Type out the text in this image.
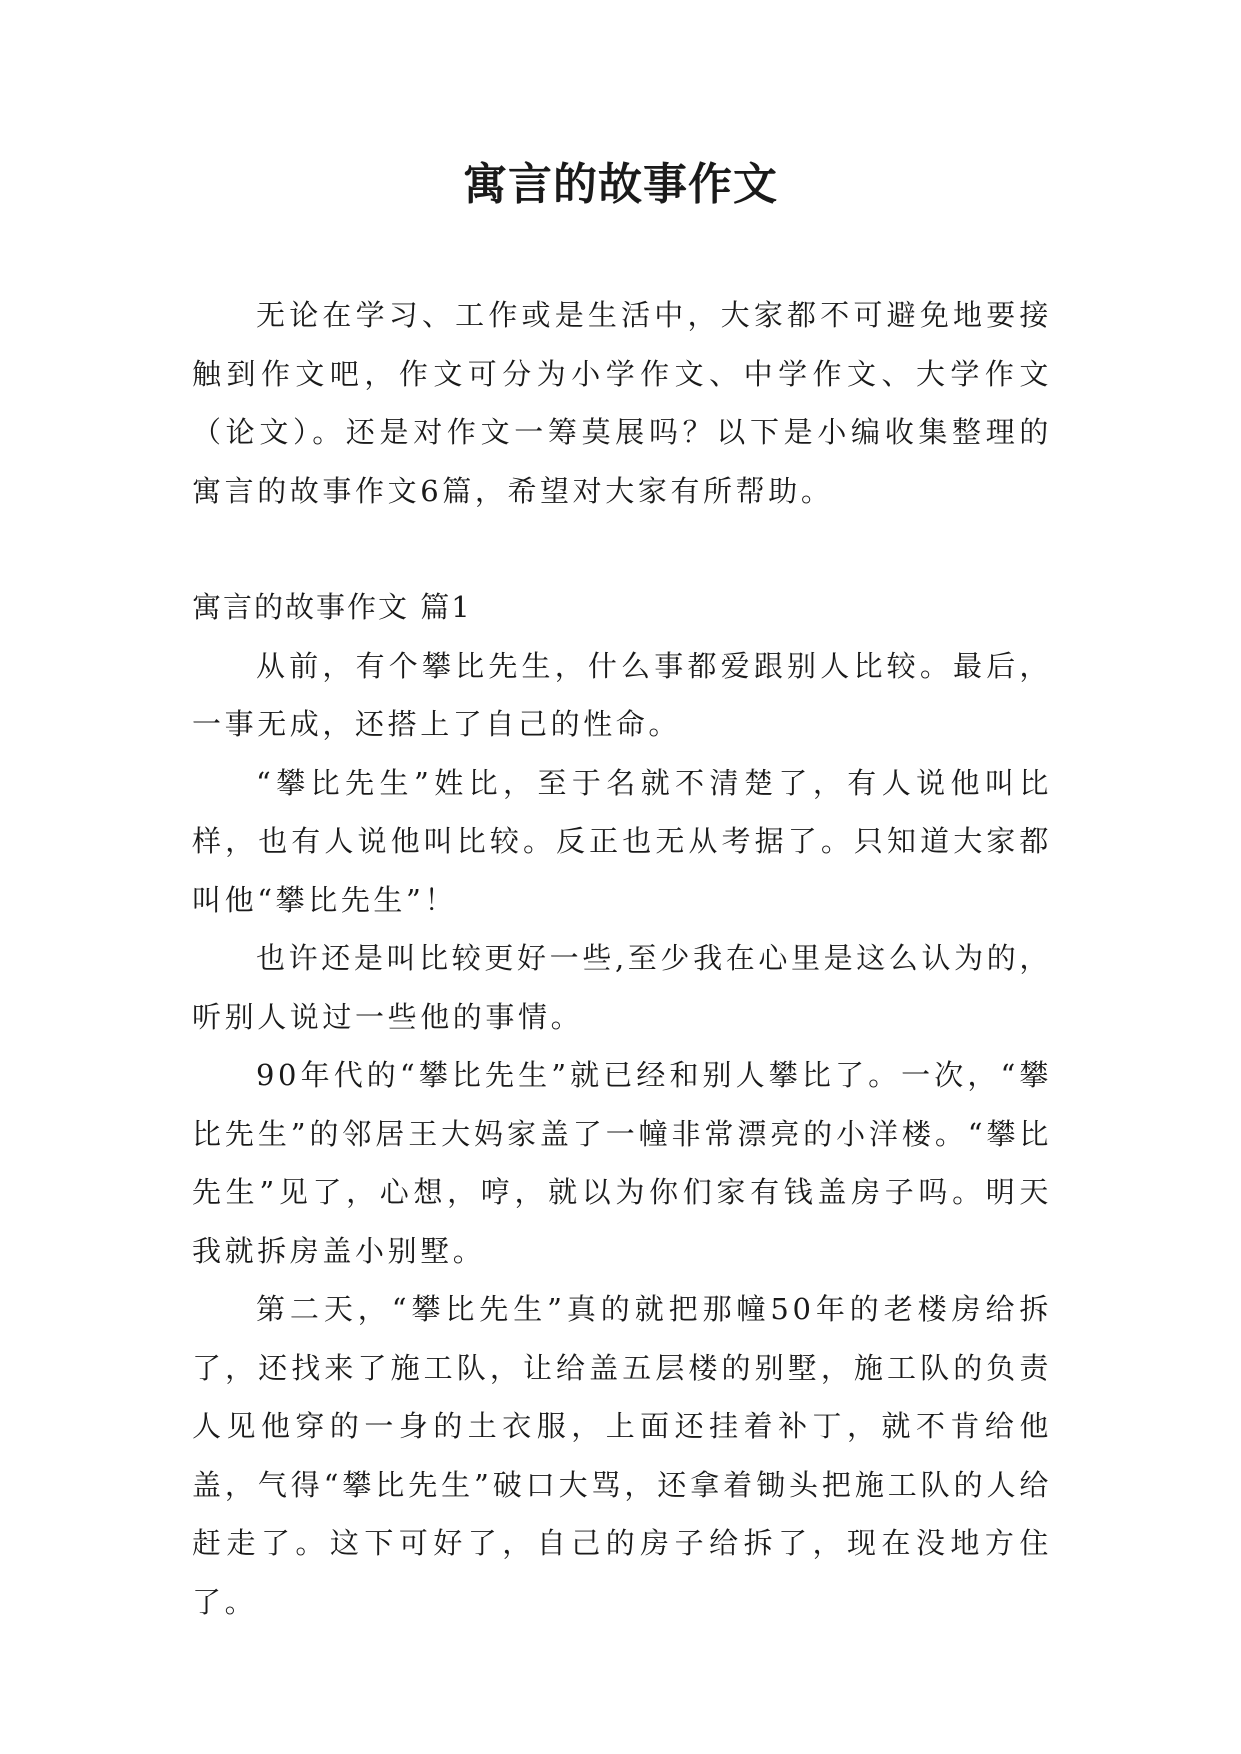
寓言的故事作文

无论在学习、工作或是生活中，大家都不可避免地要接触到作文吧，作文可分为小学作文、中学作文、大学作文（论文）。还是对作文一筹莫展吗？以下是小编收集整理的寓言的故事作文6篇，希望对大家有所帮助。

寓言的故事作文 篇1

从前，有个攀比先生，什么事都爱跟别人比较。最后，一事无成，还搭上了自己的性命。

“攀比先生”姓比，至于名就不清楚了，有人说他叫比样，也有人说他叫比较。反正也无从考据了。只知道大家都叫他“攀比先生”！

也许还是叫比较更好一些,至少我在心里是这么认为的，听别人说过一些他的事情。

90年代的“攀比先生”就已经和别人攀比了。一次，“攀比先生”的邻居王大妈家盖了一幢非常漂亮的小洋楼。“攀比先生”见了，心想，哼，就以为你们家有钱盖房子吗。明天我就拆房盖小别墅。

第二天，“攀比先生”真的就把那幢50年的老楼房给拆了，还找来了施工队，让给盖五层楼的别墅，施工队的负责人见他穿的一身的土衣服，上面还挂着补丁，就不肯给他盖，气得“攀比先生”破口大骂，还拿着锄头把施工队的人给赶走了。这下可好了，自己的房子给拆了，现在没地方住了。
